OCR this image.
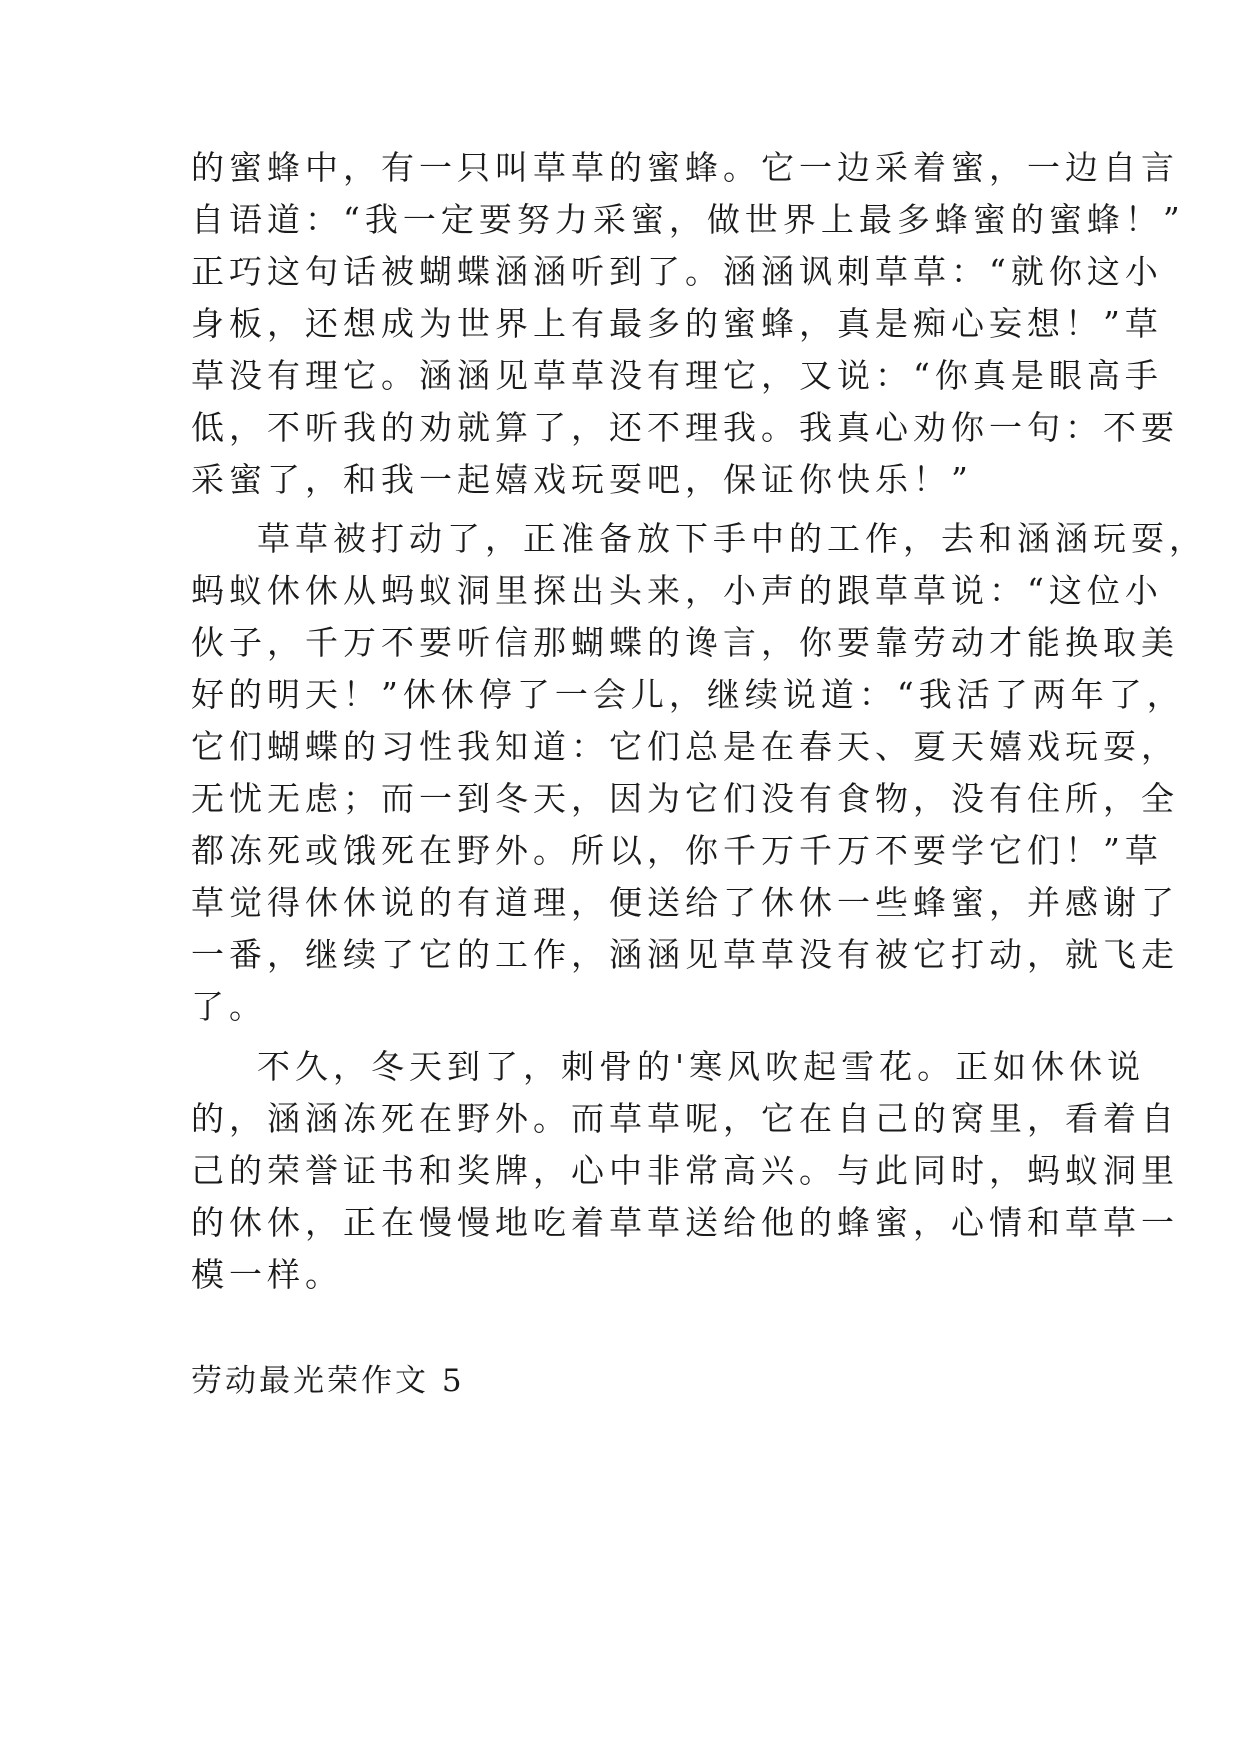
的蜜蜂中，有一只叫草草的蜜蜂。它一边采着蜜，一边自言
自语道：“我一定要努力采蜜，做世界上最多蜂蜜的蜜蜂！”
正巧这句话被蝴蝶涵涵听到了。涵涵讽刺草草：“就你这小
身板，还想成为世界上有最多的蜜蜂，真是痴心妄想！”草
草没有理它。涵涵见草草没有理它，又说：“你真是眼高手
低，不听我的劝就算了，还不理我。我真心劝你一句：不要
采蜜了，和我一起嬉戏玩耍吧，保证你快乐！”
草草被打动了，正准备放下手中的工作，去和涵涵玩耍，
蚂蚁休休从蚂蚁洞里探出头来，小声的跟草草说：“这位小
伙子，千万不要听信那蝴蝶的谗言，你要靠劳动才能换取美
好的明天！”休休停了一会儿，继续说道：“我活了两年了，
它们蝴蝶的习性我知道：它们总是在春天、夏天嬉戏玩耍，
无忧无虑；而一到冬天，因为它们没有食物，没有住所，全
都冻死或饿死在野外。所以，你千万千万不要学它们！”草
草觉得休休说的有道理，便送给了休休一些蜂蜜，并感谢了
一番，继续了它的工作，涵涵见草草没有被它打动，就飞走
了。
不久，冬天到了，刺骨的'寒风吹起雪花。正如休休说
的，涵涵冻死在野外。而草草呢，它在自己的窝里，看着自
己的荣誉证书和奖牌，心中非常高兴。与此同时，蚂蚁洞里
的休休，正在慢慢地吃着草草送给他的蜂蜜，心情和草草一
模一样。
劳动最光荣作文 5
